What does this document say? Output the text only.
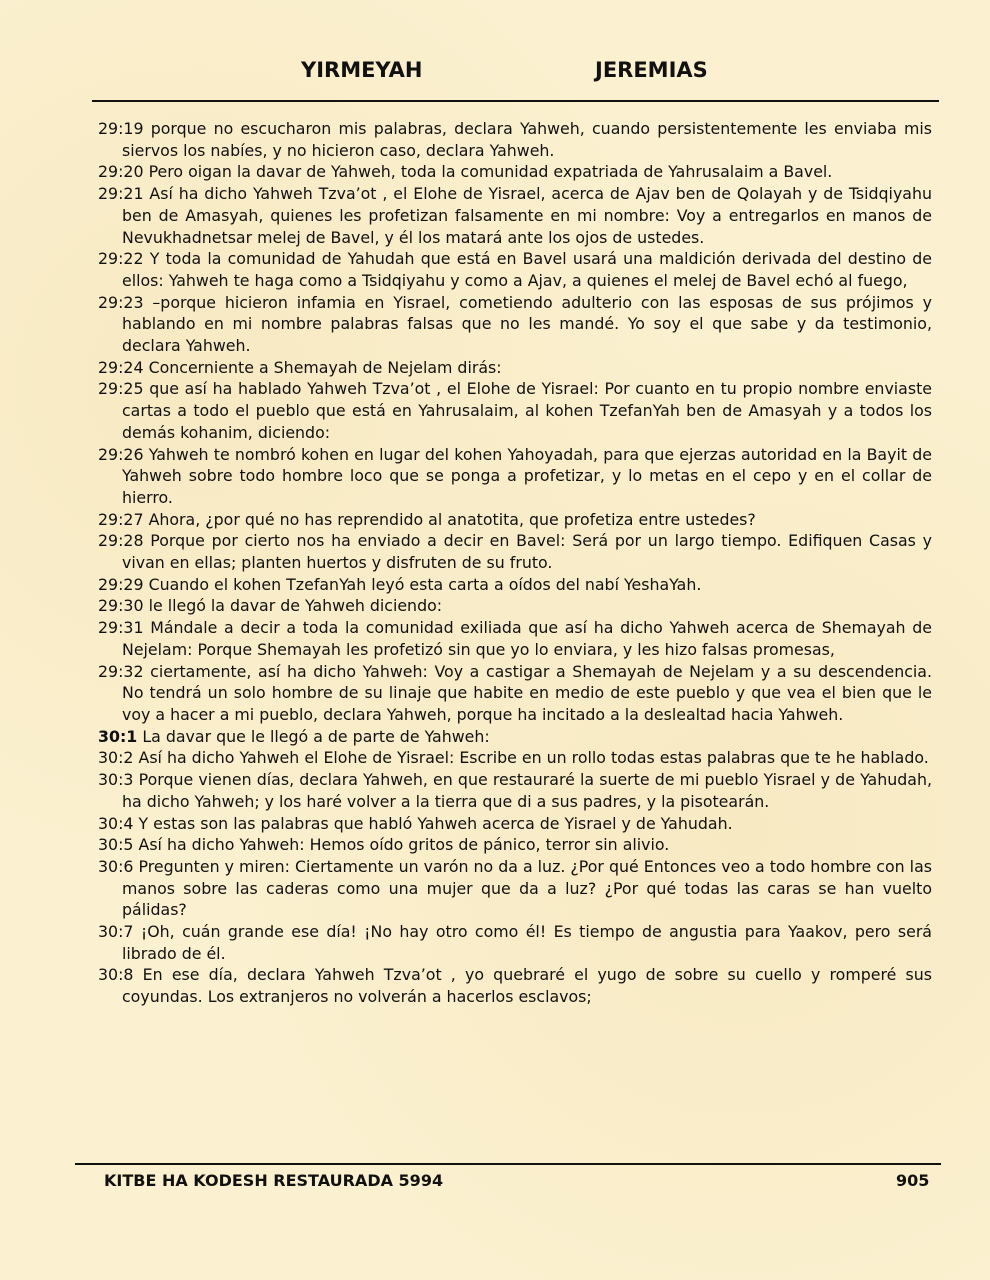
YIRMEYAH	JEREMIAS

29:19 porque no escucharon mis palabras, declara Yahweh, cuando persistentemente les enviaba mis siervos los nabíes, y no hicieron caso, declara Yahweh.

29:20 Pero oigan la davar de Yahweh, toda la comunidad expatriada de Yahrusalaim a Bavel.

29:21 Así ha dicho Yahweh Tzva’ot , el Elohe de Yisrael, acerca de Ajav ben de Qolayah y de Tsidqiyahu ben de Amasyah, quienes les profetizan falsamente en mi nombre: Voy a entregarlos en manos de Nevukhadnetsar melej de Bavel, y él los matará ante los ojos de ustedes.

29:22 Y toda la comunidad de Yahudah que está en Bavel usará una maldición derivada del destino de ellos: Yahweh te haga como a Tsidqiyahu y como a Ajav, a quienes el melej de Bavel echó al fuego,

29:23 –porque hicieron infamia en Yisrael, cometiendo adulterio con las esposas de sus prójimos y hablando en mi nombre palabras falsas que no les mandé. Yo soy el que sabe y da testimonio, declara Yahweh.

29:24 Concerniente a Shemayah de Nejelam dirás:

29:25 que así ha hablado Yahweh Tzva’ot , el Elohe de Yisrael: Por cuanto en tu propio nombre enviaste cartas a todo el pueblo que está en Yahrusalaim, al kohen TzefanYah ben de Amasyah y a todos los demás kohanim, diciendo:

29:26 Yahweh te nombró kohen en lugar del kohen Yahoyadah, para que ejerzas autoridad en la Bayit de Yahweh sobre todo hombre loco que se ponga a profetizar, y lo metas en el cepo y en el collar de hierro.

29:27 Ahora, ¿por qué no has reprendido al anatotita, que profetiza entre ustedes?

29:28 Porque por cierto nos ha enviado a decir en Bavel: Será por un largo tiempo. Edifiquen Casas y vivan en ellas; planten huertos y disfruten de su fruto.

29:29 Cuando el kohen TzefanYah leyó esta carta a oídos del nabí YeshaYah.

29:30 le llegó la davar de Yahweh diciendo:

29:31 Mándale a decir a toda la comunidad exiliada que así ha dicho Yahweh acerca de Shemayah de Nejelam: Porque Shemayah les profetizó sin que yo lo enviara, y les hizo falsas promesas,

29:32 ciertamente, así ha dicho Yahweh: Voy a castigar a Shemayah de Nejelam y a su descendencia. No tendrá un solo hombre de su linaje que habite en medio de este pueblo y que vea el bien que le voy a hacer a mi pueblo, declara Yahweh, porque ha incitado a la deslealtad hacia Yahweh.

30:1 La davar que le llegó a de parte de Yahweh:

30:2 Así ha dicho Yahweh el Elohe de Yisrael: Escribe en un rollo todas estas palabras que te he hablado.

30:3 Porque vienen días, declara Yahweh, en que restauraré la suerte de mi pueblo Yisrael y de Yahudah, ha dicho Yahweh; y los haré volver a la tierra que di a sus padres, y la pisotearán.

30:4 Y estas son las palabras que habló Yahweh acerca de Yisrael y de Yahudah.

30:5 Así ha dicho Yahweh: Hemos oído gritos de pánico, terror sin alivio.

30:6 Pregunten y miren: Ciertamente un varón no da a luz. ¿Por qué Entonces veo a todo hombre con las manos sobre las caderas como una mujer que da a luz? ¿Por qué todas las caras se han vuelto pálidas?

30:7 ¡Oh, cuán grande ese día! ¡No hay otro como él! Es tiempo de angustia para Yaakov, pero será librado de él.

30:8 En ese día, declara Yahweh Tzva’ot , yo quebraré el yugo de sobre su cuello y romperé sus coyundas. Los extranjeros no volverán a hacerlos esclavos;

KITBE HA KODESH RESTAURADA 5994	905
